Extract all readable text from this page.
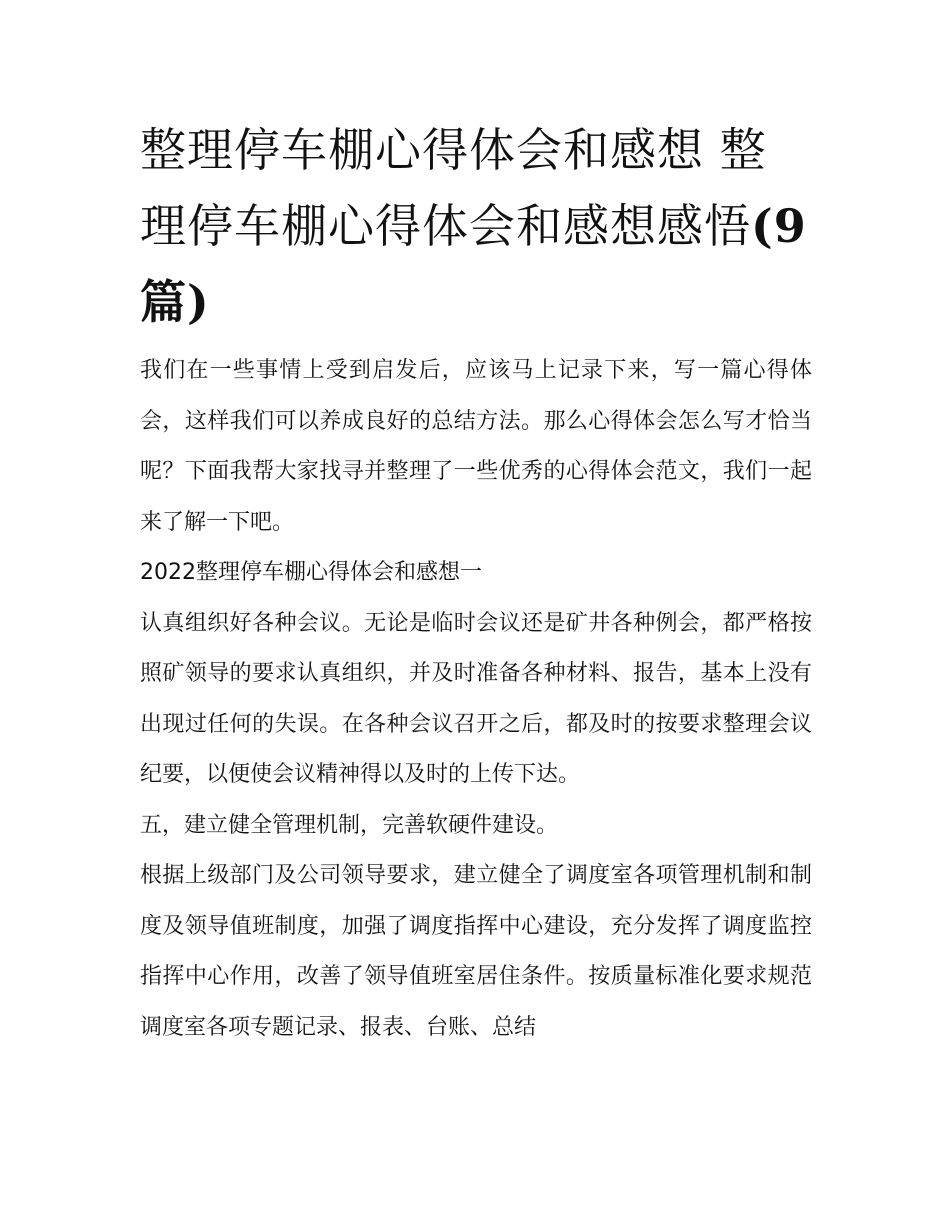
整理停车棚心得体会和感想 整理停车棚心得体会和感想感悟(9篇)

我们在一些事情上受到启发后，应该马上记录下来，写一篇心得体会，这样我们可以养成良好的总结方法。那么心得体会怎么写才恰当呢？下面我帮大家找寻并整理了一些优秀的心得体会范文，我们一起来了解一下吧。

2022整理停车棚心得体会和感想一

认真组织好各种会议。无论是临时会议还是矿井各种例会，都严格按照矿领导的要求认真组织，并及时准备各种材料、报告，基本上没有出现过任何的失误。在各种会议召开之后，都及时的按要求整理会议纪要，以便使会议精神得以及时的上传下达。

五，建立健全管理机制，完善软硬件建设。

根据上级部门及公司领导要求，建立健全了调度室各项管理机制和制度及领导值班制度，加强了调度指挥中心建设，充分发挥了调度监控指挥中心作用，改善了领导值班室居住条件。按质量标准化要求规范调度室各项专题记录、报表、台账、总结
